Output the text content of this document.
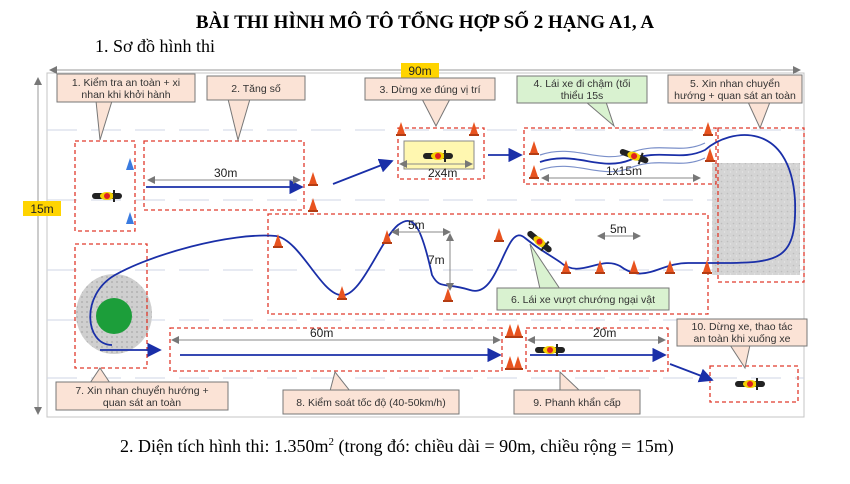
BÀI THI HÌNH MÔ TÔ TỔNG HỢP SỐ 2 HẠNG A1, A
1. Sơ đồ hình thi
90m
15m
30m	2x4m	1x15m
5m
7m
5m
60m	20m
1. Kiểm tra an toàn + xi
nhan khi khởi hành	2. Tăng số	3. Dừng xe đúng vị trí	4. Lái xe đi chậm (tối
thiểu 15s
5. Xin nhan chuyển
hướng + quan sát an toàn
6. Lái xe vượt chướng ngại vật
7. Xin nhan chuyển hướng +
quan sát an toàn	8. Kiểm soát tốc độ (40-50km/h)	9. Phanh khẩn cấp
10. Dừng xe, thao tác
an toàn khi xuống xe
2. Diện tích hình thi: $1.350m^2$ (trong đó: chiều dài = 90m, chiều rộng = 15m)
